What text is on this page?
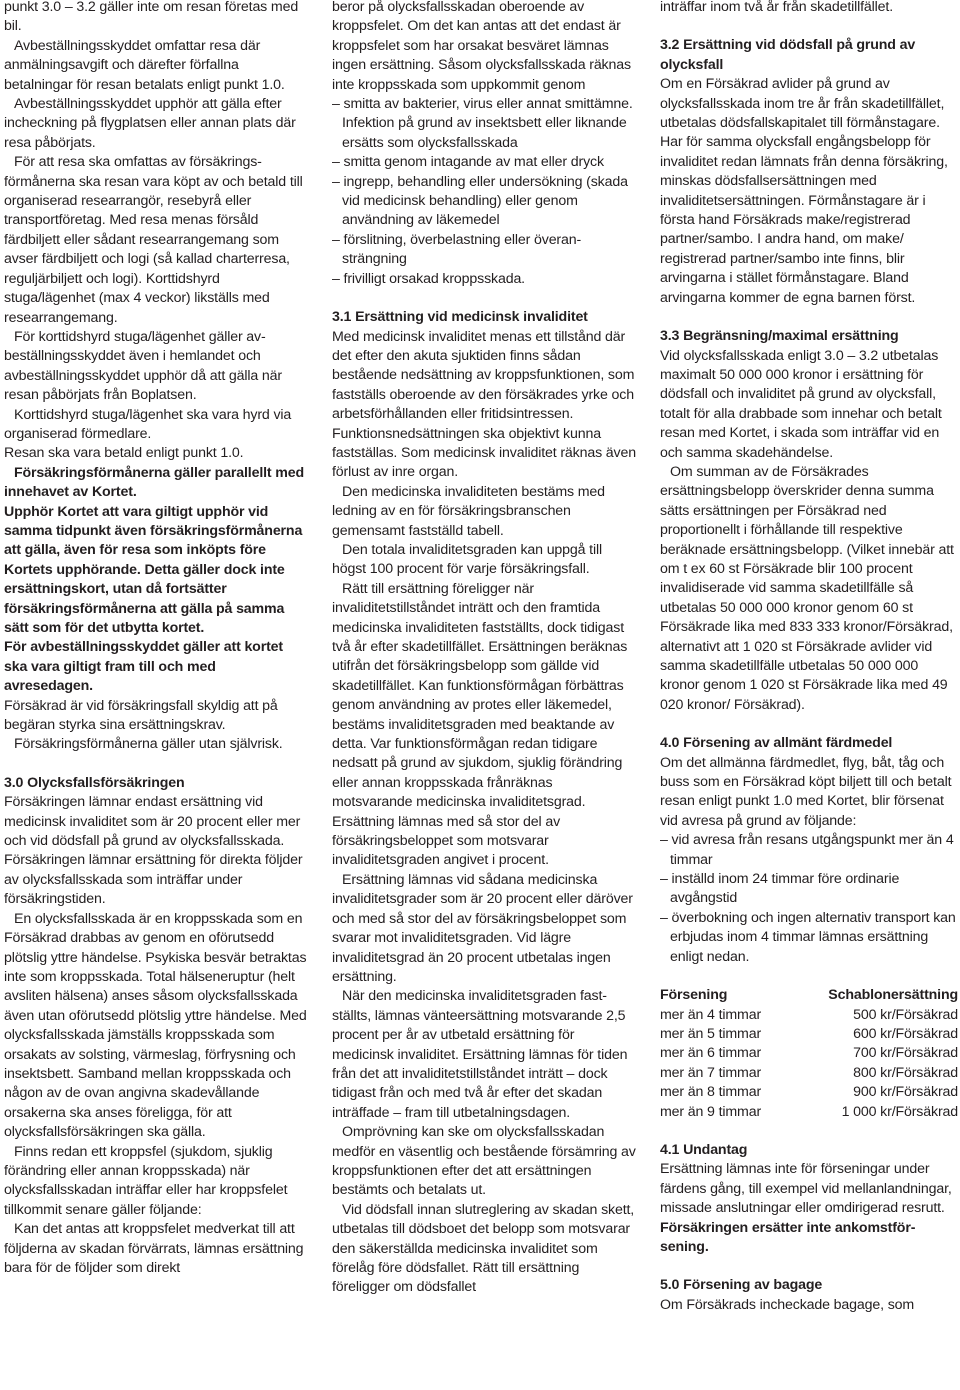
punkt 3.0 – 3.2 gäller inte om resan företas med bil.

Avbeställningsskyddet omfattar resa där anmälningsavgift och därefter förfallna betalningar för resan betalats enligt punkt 1.0.

Avbeställningsskyddet upphör att gälla efter incheckning på flygplatsen eller annan plats där resa påbörjats.

För att resa ska omfattas av försäkringsförmånerna ska resan vara köpt av och betald till organiserad researrangör, resebyrå eller transportföretag. Med resa menas försåld färdbiljett eller sådant researrangemang som avser färdbiljett och logi (så kallad charterresa, reguljärbiljett och logi). Korttidshyrd stuga/lägenhet (max 4 veckor) likställs med researrangemang.

För korttidshyrd stuga/lägenhet gäller avbeställningsskyddet även i hemlandet och avbeställningsskyddet upphör då att gälla när resan påbörjats från Boplatsen.

Korttidshyrd stuga/lägenhet ska vara hyrd via organiserad förmedlare.

Resan ska vara betald enligt punkt 1.0.

Försäkringsförmånerna gäller parallellt med innehavet av Kortet.

Upphör Kortet att vara giltigt upphör vid samma tidpunkt även försäkringsförmånerna att gälla, även för resa som inköpts före Kortets upphörande. Detta gäller dock inte ersättningskort, utan då fortsätter försäkringsförmånerna att gälla på samma sätt som för det utbytta kortet.

För avbeställningsskyddet gäller att kortet ska vara giltigt fram till och med avresedagen.

Försäkrad är vid försäkringsfall skyldig att på begäran styrka sina ersättningskrav.

Försäkringsförmånerna gäller utan självrisk.

3.0 Olycksfallsförsäkringen

Försäkringen lämnar endast ersättning vid medicinsk invaliditet som är 20 procent eller mer och vid dödsfall på grund av olycksfallsskada. Försäkringen lämnar ersättning för direkta följder av olycksfallsskada som inträffar under försäkringstiden.

En olycksfallsskada är en kroppsskada som en Försäkrad drabbas av genom en oförutsedd plötslig yttre händelse. Psykiska besvär betraktas inte som kroppsskada. Total hälseneruptur (helt avsliten hälsena) anses såsom olycksfallsskada även utan oförutsedd plötslig yttre händelse. Med olycksfallsskada jämställs kroppsskada som orsakats av solsting, värmeslag, förfrysning och insektsbett. Samband mellan kroppsskada och någon av de ovan angivna skadevållande orsakerna ska anses föreligga, för att olycksfallsförsäkringen ska gälla.

Finns redan ett kroppsfel (sjukdom, sjuklig förändring eller annan kroppsskada) när olycksfallsskadan inträffar eller har kroppsfelet tillkommit senare gäller följande:

Kan det antas att kroppsfelet medverkat till att följderna av skadan förvärrats, lämnas ersättning bara för de följder som direkt

beror på olycksfallsskadan oberoende av kroppsfelet. Om det kan antas att det endast är kroppsfelet som har orsakat besväret lämnas ingen ersättning. Såsom olycksfallsskada räknas inte kroppsskada som uppkommit genom

– smitta av bakterier, virus eller annat smittämne. Infektion på grund av insektsbett eller liknande ersätts som olycksfallsskada

– smitta genom intagande av mat eller dryck

– ingrepp, behandling eller undersökning (skada vid medicinsk behandling) eller genom användning av läkemedel

– förslitning, överbelastning eller överansträngning

– frivilligt orsakad kroppsskada.

3.1 Ersättning vid medicinsk invaliditet

Med medicinsk invaliditet menas ett tillstånd där det efter den akuta sjuktiden finns sådan bestående nedsättning av kroppsfunktionen, som fastställs oberoende av den försäkrades yrke och arbetsförhållanden eller fritidsintressen. Funktionsnedsättningen ska objektivt kunna fastställas. Som medicinsk invaliditet räknas även förlust av inre organ.

Den medicinska invaliditeten bestäms med ledning av en för försäkringsbranschen gemensamt fastställd tabell.

Den totala invaliditetsgraden kan uppgå till högst 100 procent för varje försäkringsfall.

Rätt till ersättning föreligger när invaliditetstillståndet inträtt och den framtida medicinska invaliditeten fastställts, dock tidigast två år efter skadetillfället. Ersättningen beräknas utifrån det försäkringsbelopp som gällde vid skadetillfället. Kan funktionsförmågan förbättras genom användning av protes eller läkemedel, bestäms invaliditetsgraden med beaktande av detta. Var funktionsförmågan redan tidigare nedsatt på grund av sjukdom, sjuklig förändring eller annan kroppsskada frånräknas motsvarande medicinska invaliditetsgrad. Ersättning lämnas med så stor del av försäkringsbeloppet som motsvarar invaliditetsgraden angivet i procent.

Ersättning lämnas vid sådana medicinska invaliditetsgrader som är 20 procent eller däröver och med så stor del av försäkringsbeloppet som svarar mot invaliditetsgraden. Vid lägre invaliditetsgrad än 20 procent utbetalas ingen ersättning.

När den medicinska invaliditetsgraden fastställts, lämnas vänteersättning motsvarande 2,5 procent per år av utbetald ersättning för medicinsk invaliditet. Ersättning lämnas för tiden från det att invaliditetstillståndet inträtt – dock tidigast från och med två år efter det skadan inträffade – fram till utbetalningsdagen.

Omprövning kan ske om olycksfallsskadan medför en väsentlig och bestående försämring av kroppsfunktionen efter det att ersättningen bestämts och betalats ut.

Vid dödsfall innan slutreglering av skadan skett, utbetalas till dödsboet det belopp som motsvarar den säkerställda medicinska invaliditet som förelåg före dödsfallet. Rätt till ersättning föreligger om dödsfallet

inträffar inom två år från skadetillfället.

3.2 Ersättning vid dödsfall på grund av olycksfall

Om en Försäkrad avlider på grund av olycksfallsskada inom tre år från skadetillfället, utbetalas dödsfallskapitalet till förmånstagare. Har för samma olycksfall engångsbelopp för invaliditet redan lämnats från denna försäkring, minskas dödsfallsersättningen med invaliditetsersättningen. Förmånstagare är i första hand Försäkrads make/registrerad partner/sambo. I andra hand, om make/ registrerad partner/sambo inte finns, blir arvingarna i stället förmånstagare. Bland arvingarna kommer de egna barnen först.

3.3 Begränsning/maximal ersättning

Vid olycksfallsskada enligt 3.0 – 3.2 utbetalas maximalt 50 000 000 kronor i ersättning för dödsfall och invaliditet på grund av olycksfall, totalt för alla drabbade som innehar och betalt resan med Kortet, i skada som inträffar vid en och samma skadehändelse.

Om summan av de Försäkrades ersättningsbelopp överskrider denna summa sätts ersättningen per Försäkrad ned proportionellt i förhållande till respektive beräknade ersättningsbelopp. (Vilket innebär att om t ex 60 st Försäkrade blir 100 procent invalidiserade vid samma skadetillfälle så utbetalas 50 000 000 kronor genom 60 st Försäkrade lika med 833 333 kronor/Försäkrad, alternativt att 1 020 st Försäkrade avlider vid samma skadetillfälle utbetalas 50 000 000 kronor genom 1 020 st Försäkrade lika med 49 020 kronor/ Försäkrad).

4.0 Försening av allmänt färdmedel

Om det allmänna färdmedlet, flyg, båt, tåg och buss som en Försäkrad köpt biljett till och betalt resan enligt punkt 1.0 med Kortet, blir försenat vid avresa på grund av följande:

– vid avresa från resans utgångspunkt mer än 4 timmar

– inställd inom 24 timmar före ordinarie avgångstid

– överbokning och ingen alternativ transport kan erbjudas inom 4 timmar lämnas ersättning enligt nedan.

Försening	Schablonersättning
mer än 4 timmar	500 kr/Försäkrad
mer än 5 timmar	600 kr/Försäkrad
mer än 6 timmar	700 kr/Försäkrad
mer än 7 timmar	800 kr/Försäkrad
mer än 8 timmar	900 kr/Försäkrad
mer än 9 timmar	1 000 kr/Försäkrad

4.1 Undantag

Ersättning lämnas inte för förseningar under färdens gång, till exempel vid mellanlandningar, missade anslutningar eller omdirigerad resrutt.

Försäkringen ersätter inte ankomstförsening.

5.0 Försening av bagage

Om Försäkrads incheckade bagage, som
